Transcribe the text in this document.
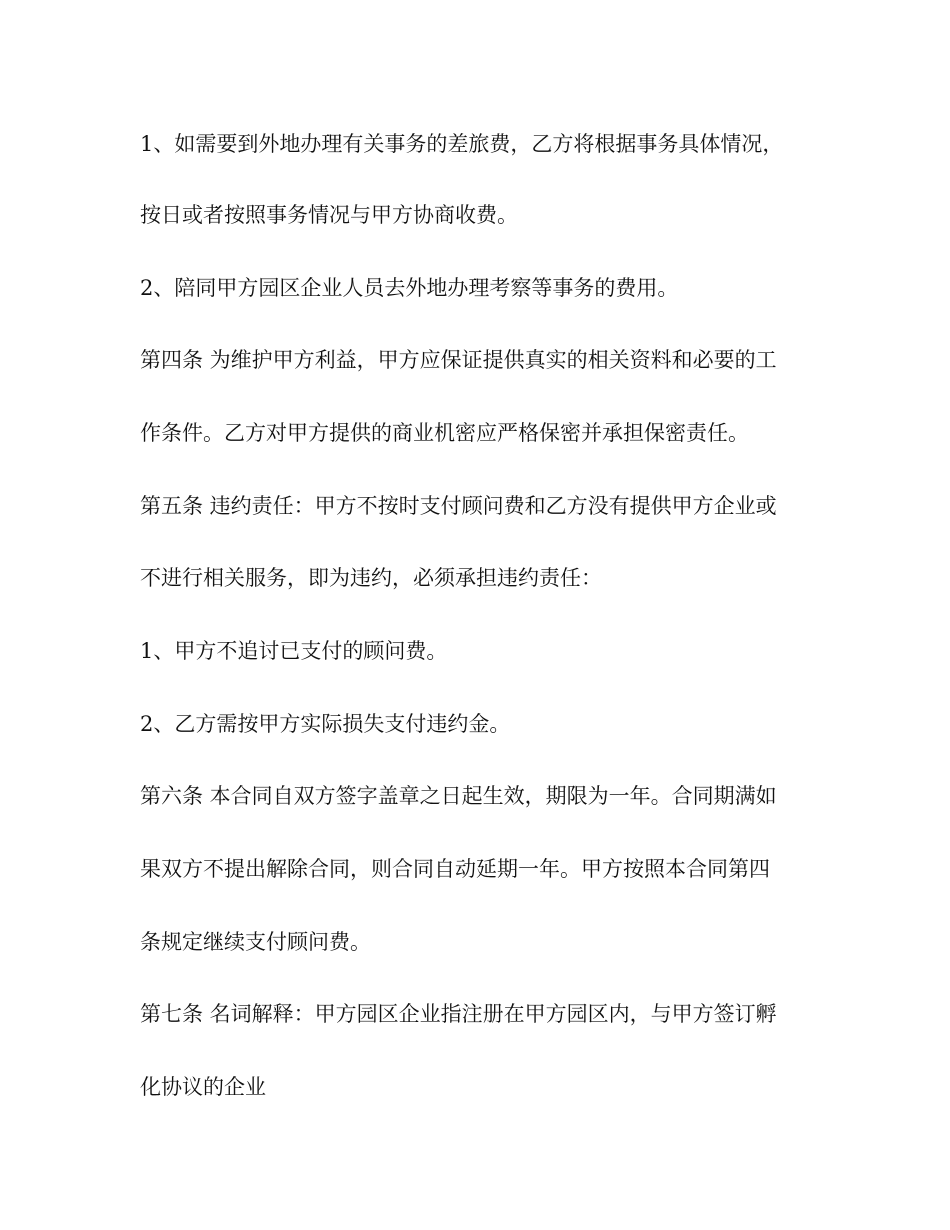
1、如需要到外地办理有关事务的差旅费，乙方将根据事务具体情况，
按日或者按照事务情况与甲方协商收费。
2、陪同甲方园区企业人员去外地办理考察等事务的费用。
第四条 为维护甲方利益，甲方应保证提供真实的相关资料和必要的工
作条件。乙方对甲方提供的商业机密应严格保密并承担保密责任。
第五条 违约责任：甲方不按时支付顾问费和乙方没有提供甲方企业或
不进行相关服务，即为违约，必须承担违约责任：
1、甲方不追讨已支付的顾问费。
2、乙方需按甲方实际损失支付违约金。
第六条 本合同自双方签字盖章之日起生效，期限为一年。合同期满如
果双方不提出解除合同，则合同自动延期一年。甲方按照本合同第四
条规定继续支付顾问费。
第七条 名词解释：甲方园区企业指注册在甲方园区内，与甲方签订孵
化协议的企业
